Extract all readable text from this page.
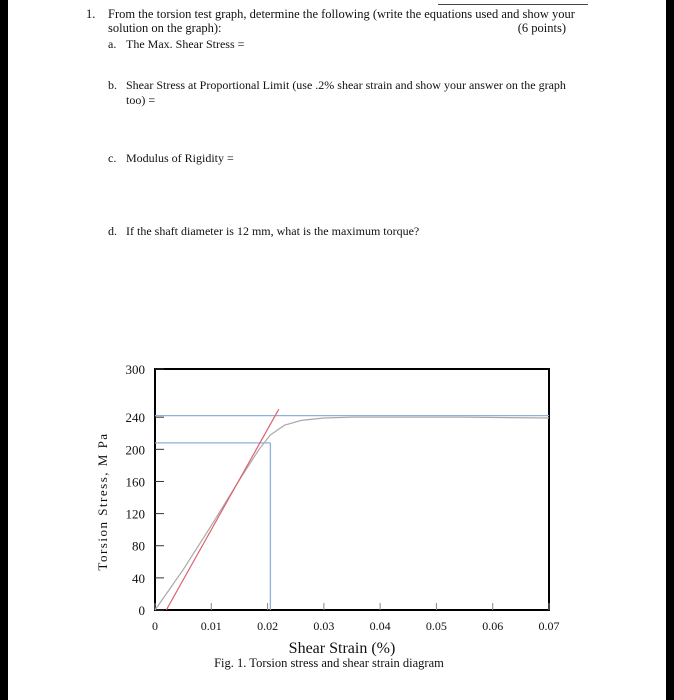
1. From the torsion test graph, determine the following (write the equations used and show your solution on the graph):	(6 points)
a. The Max. Shear Stress =
b. Shear Stress at Proportional Limit (use .2% shear strain and show your answer on the graph too) =
c. Modulus of Rigidity =
d. If the shaft diameter is 12 mm, what is the maximum torque?
0
40
80
120
160
200
240
300
0	0.01	0.02	0.03	0.04	0.05	0.06	0.07
Shear Strain (%)
Torsion Stress, M Pa
Fig. 1. Torsion stress and shear strain diagram
